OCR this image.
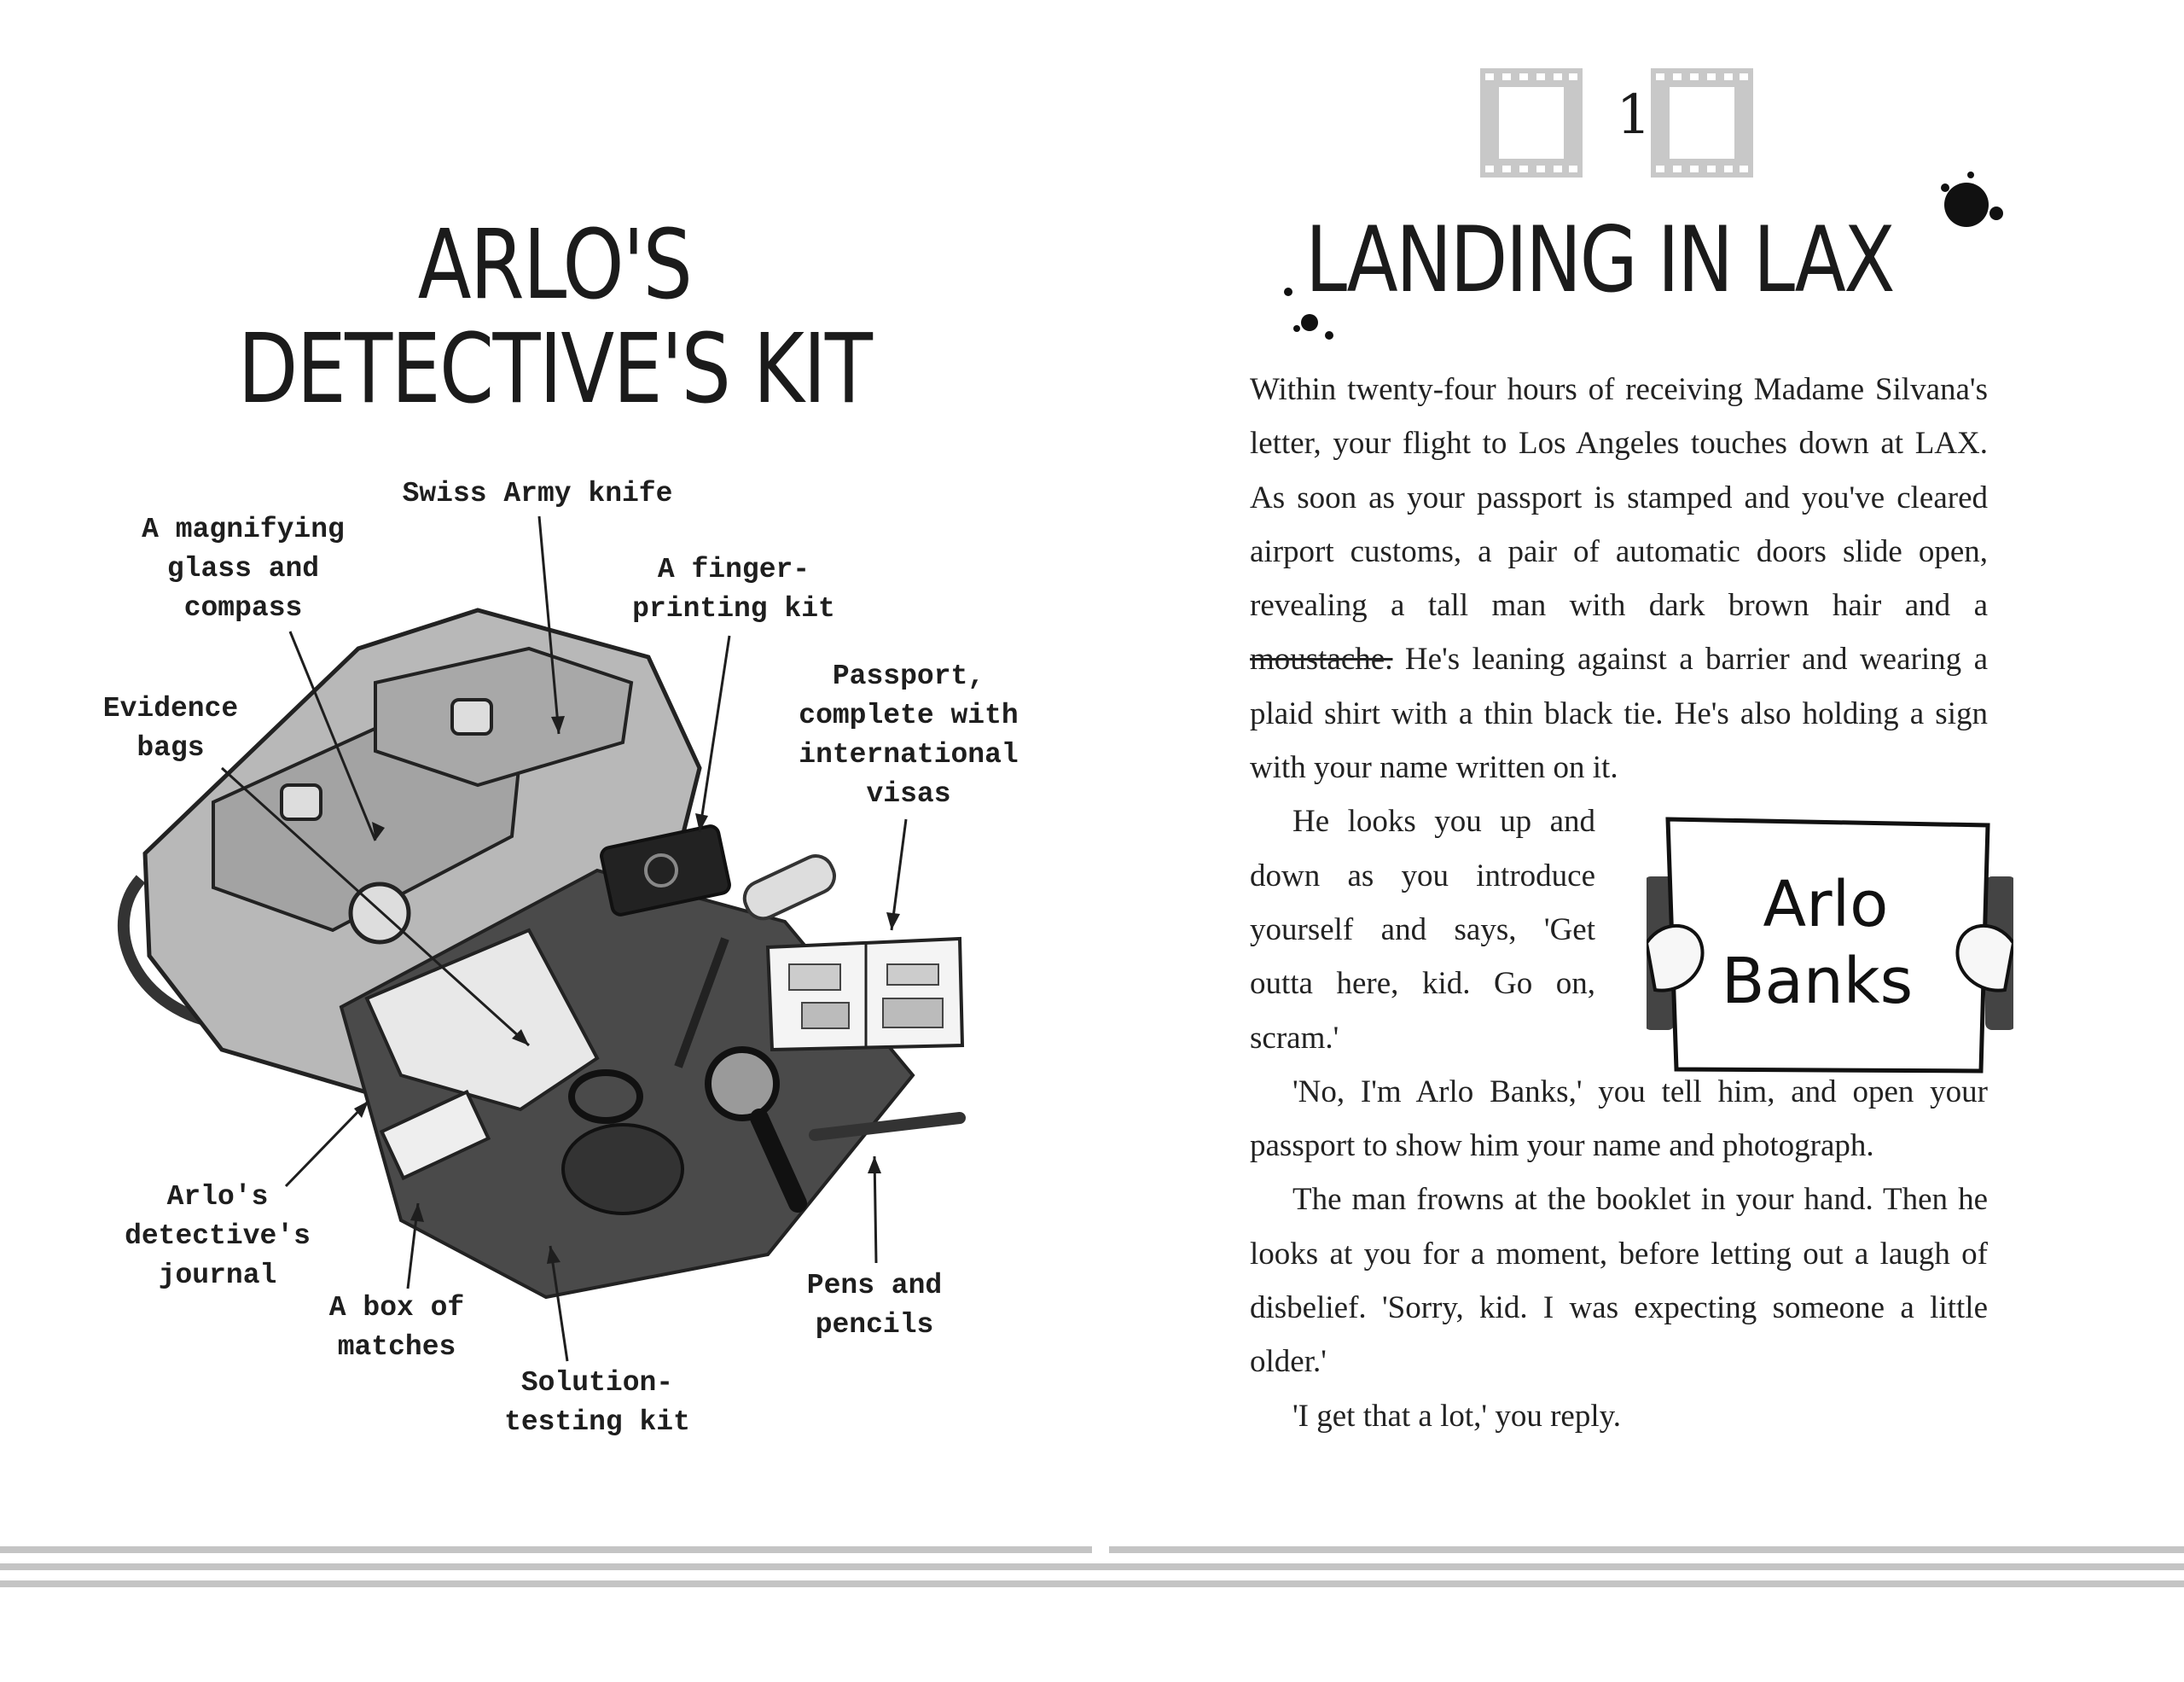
ARLO'S
DETECTIVE'S KIT
Swiss Army knife
A magnifying
glass and
compass
A finger-
printing kit
Evidence
bags
Passport,
complete with
international
visas
Arlo's
detective's
journal
A box of
matches
Solution-
testing kit
Pens and
pencils
1
LANDING IN LAX

Within twenty-four hours of receiving Madame Silvana's letter, your flight to Los Angeles touches down at LAX. As soon as your passport is stamped and you've cleared airport customs, a pair of automatic doors slide open, revealing a tall man with dark brown hair and a moustache. He's leaning against a barrier and wearing a plaid shirt with a thin black tie. He's also holding a sign with your name written on it.

He looks you up and down as you introduce yourself and says, 'Get outta here, kid. Go on, scram.'

'No, I'm Arlo Banks,' you tell him, and open your passport to show him your name and photograph.

The man frowns at the booklet in your hand. Then he looks at you for a moment, before letting out a laugh of disbelief. 'Sorry, kid. I was expecting someone a little older.'

'I get that a lot,' you reply.

Arlo
Banks
